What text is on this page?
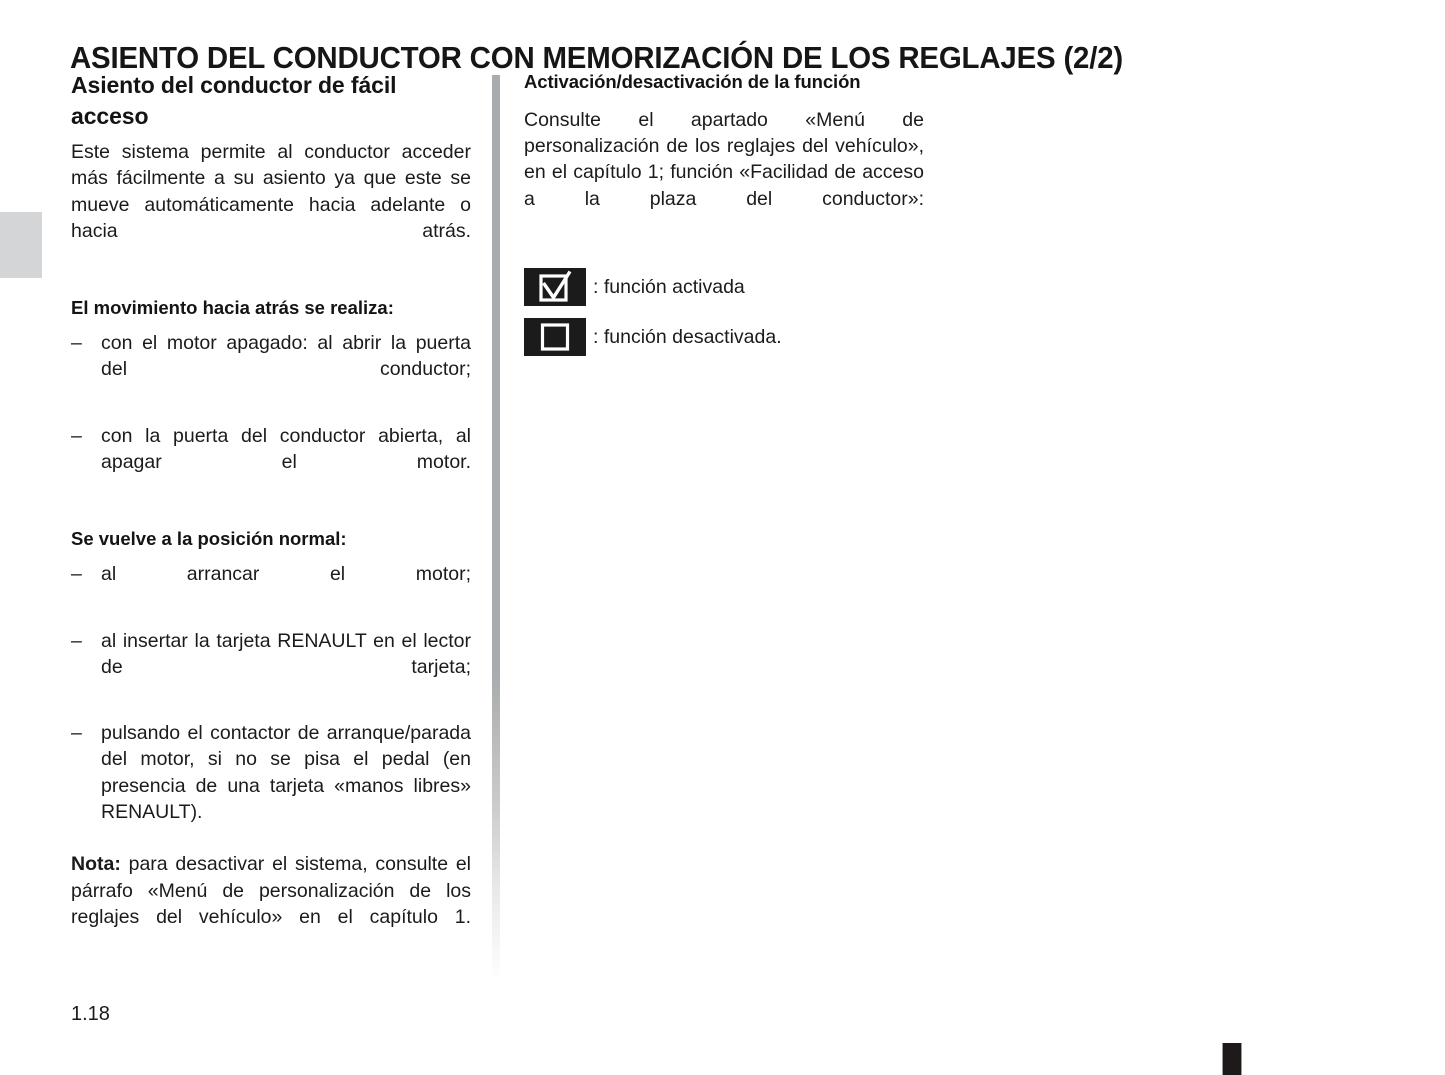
ASIENTO DEL CONDUCTOR CON MEMORIZACIÓN DE LOS REGLAJES (2/2)
Asiento del conductor de fácil acceso

Este sistema permite al conductor acceder más fácilmente a su asiento ya que este se mueve automáticamente hacia adelante o hacia atrás.

El movimiento hacia atrás se realiza:
– con el motor apagado: al abrir la puerta del conductor;
– con la puerta del conductor abierta, al apagar el motor.
Se vuelve a la posición normal:
– al arrancar el motor;
– al insertar la tarjeta RENAULT en el lector de tarjeta;
– pulsando el contactor de arranque/parada del motor, si no se pisa el pedal (en presencia de una tarjeta «manos libres» RENAULT).

Nota: para desactivar el sistema, consulte el párrafo «Menú de personalización de los reglajes del vehículo» en el capítulo 1.

Activación/desactivación de la función

Consulte el apartado «Menú de personalización de los reglajes del vehículo», en el capítulo 1; función «Facilidad de acceso a la plaza del conductor»:

: función activada
: función desactivada.
1.18
